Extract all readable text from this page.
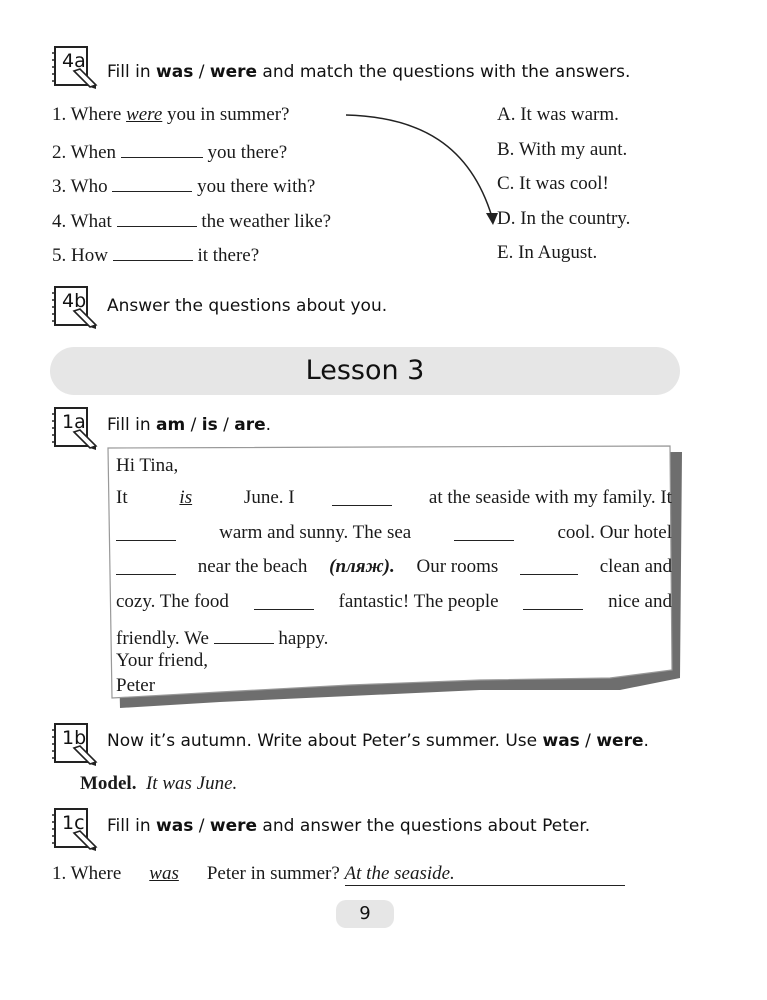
4a Fill in was / were and match the questions with the answers.
1. Where were you in summer?
2. When	you there?
3. Who	you there with?
4. What	the weather like?
5. How	it there?
A. It was warm.
B. With my aunt.
C. It was cool!
D. In the country.
E. In August.
4b Answer the questions about you.
Lesson 3
1a Fill in am / is / are.
Hi Tina,
It	is	June. I	at the seaside with my family. It
warm and sunny. The sea	cool. Our hotel
near the beach (пляж). Our rooms	clean and
cozy. The food	fantastic! The people	nice and
friendly. We	happy.
Your friend,
Peter
1b Now it’s autumn. Write about Peter’s summer. Use was / were.
Model. It was June.
1c Fill in was / were and answer the questions about Peter.
1. Where was Peter in summer? At the seaside.
9
